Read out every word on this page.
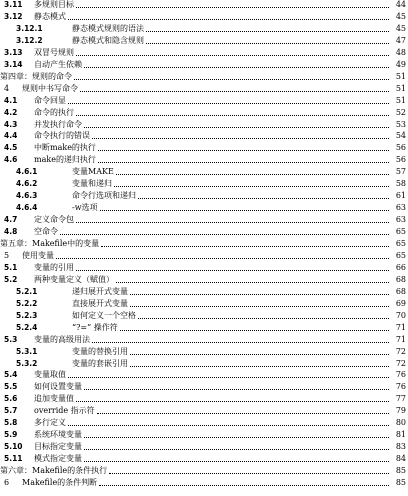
3.11 多规则目标	44
3.12 静态模式	45
3.12.1	静态模式规则的语法	45
3.12.2	静态模式和隐含规则	47
3.13 双冒号规则	48
3.14 自动产生依赖	49
第四章：规则的命令	51
4 规则中书写命令	51
4.1 命令回显	51
4.2 命令的执行	52
4.3 并发执行命令	53
4.4 命令执行的错误	54
4.5 中断make的执行	56
4.6 make的递归执行	56
4.6.1	变量MAKE	57
4.6.2	变量和递归	58
4.6.3	命令行选项和递归	61
4.6.4	-w选项	63
4.7 定义命令包	63
4.8 空命令	65
第五章：Makefile中的变量	65
5 使用变量	65
5.1 变量的引用	66
5.2 两种变量定义（赋值）	68
5.2.1	递归展开式变量	68
5.2.2	直接展开式变量	69
5.2.3	如何定义一个空格	70
5.2.4	“?=” 操作符	71
5.3 变量的高级用法	71
5.3.1	变量的替换引用	72
5.3.2	变量的套嵌引用	72
5.4 变量取值	76
5.5 如何设置变量	76
5.6 追加变量值	77
5.7 override 指示符	79
5.8 多行定义	80
5.9 系统环境变量	81
5.10 目标指定变量	83
5.11 模式指定变量	84
第六章：Makefile的条件执行	85
6 Makefile的条件判断	85
